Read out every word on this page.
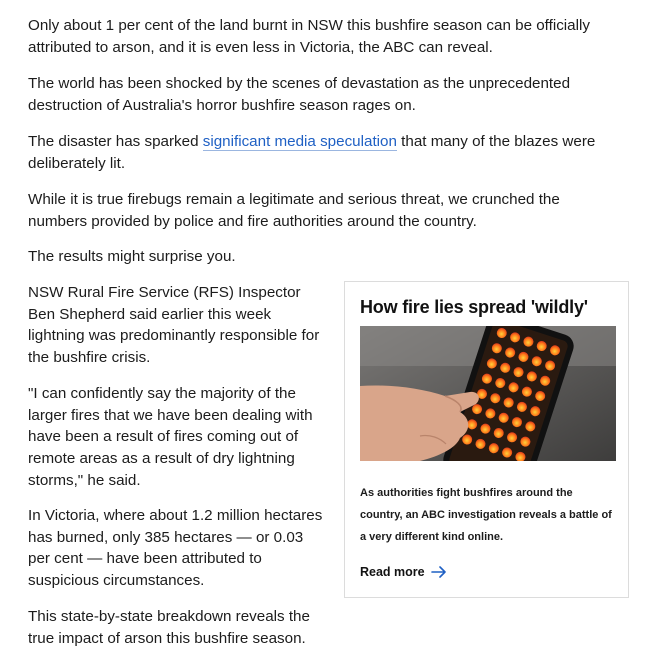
Only about 1 per cent of the land burnt in NSW this bushfire season can be officially attributed to arson, and it is even less in Victoria, the ABC can reveal.

The world has been shocked by the scenes of devastation as the unprecedented destruction of Australia's horror bushfire season rages on.

The disaster has sparked significant media speculation that many of the blazes were deliberately lit.

While it is true firebugs remain a legitimate and serious threat, we crunched the numbers provided by police and fire authorities around the country.

The results might surprise you.

NSW Rural Fire Service (RFS) Inspector Ben Shepherd said earlier this week lightning was predominantly responsible for the bushfire crisis.

"I can confidently say the majority of the larger fires that we have been dealing with have been a result of fires coming out of remote areas as a result of dry lightning storms," he said.

In Victoria, where about 1.2 million hectares has burned, only 385 hectares — or 0.03 per cent — have been attributed to suspicious circumstances.

This state-by-state breakdown reveals the true impact of arson this bushfire season.

How fire lies spread 'wildly'

As authorities fight bushfires around the country, an ABC investigation reveals a battle of a very different kind online.

Read more
